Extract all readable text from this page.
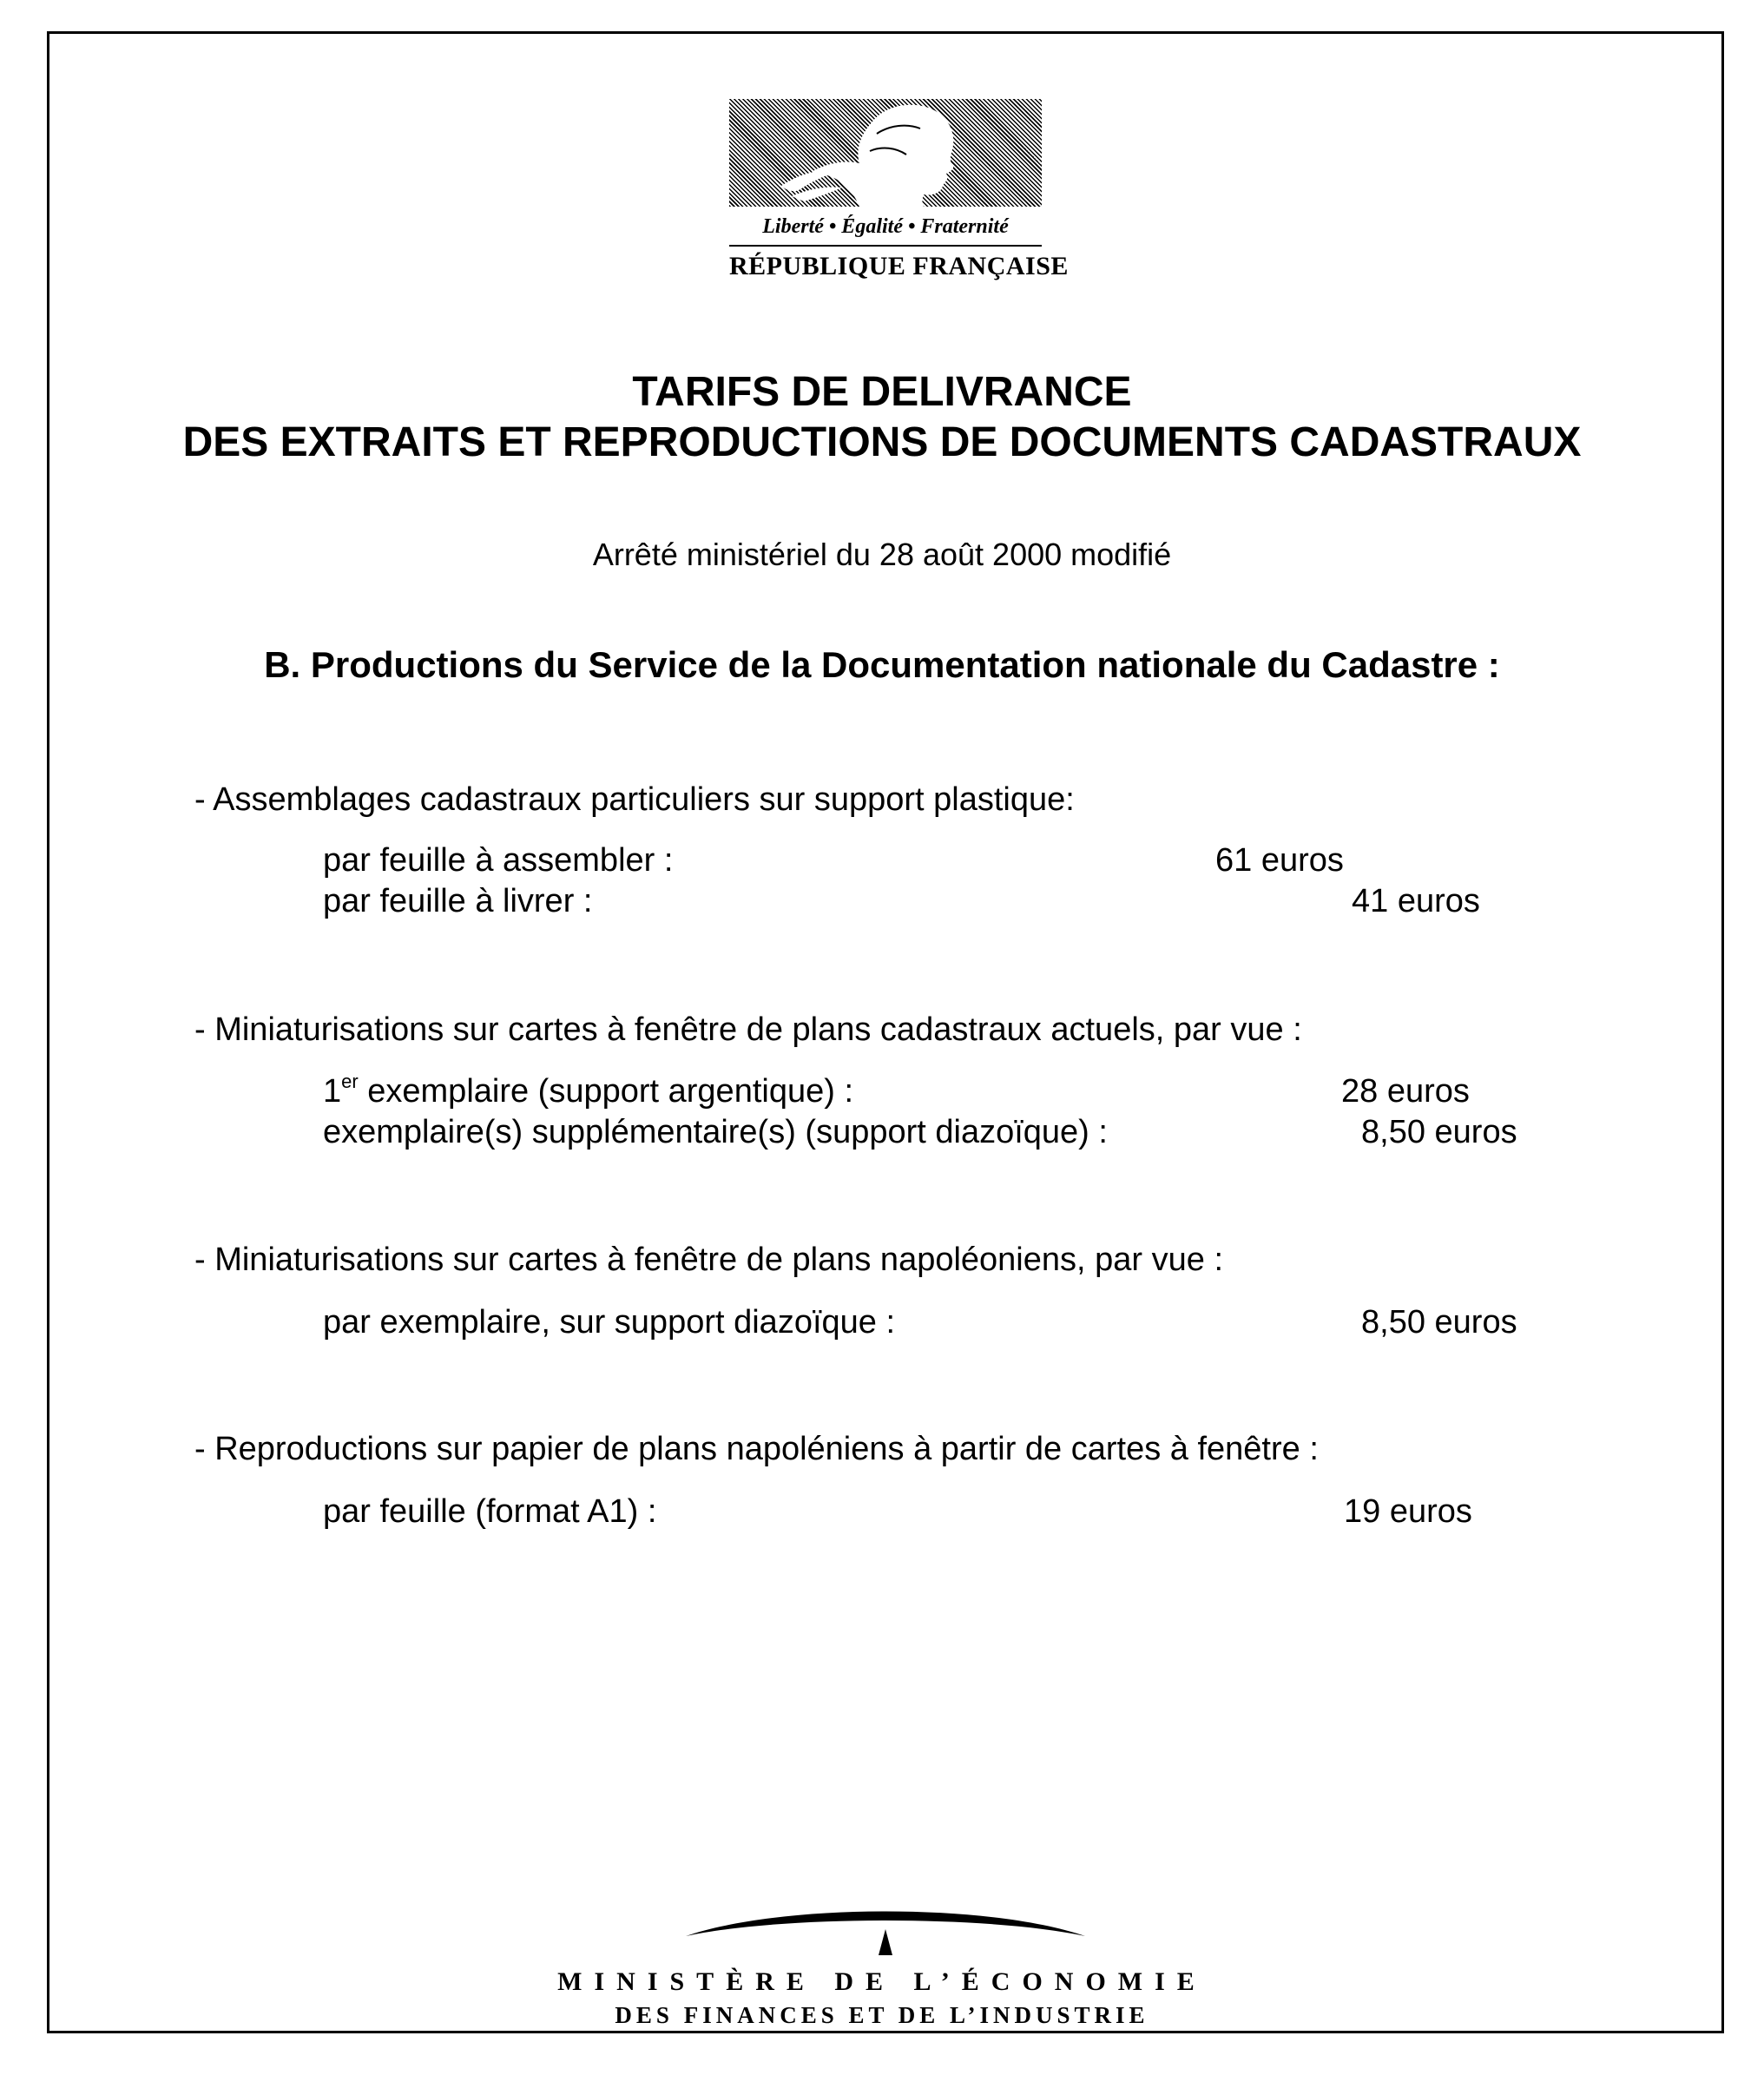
Liberté • Égalité • Fraternité
RÉPUBLIQUE FRANÇAISE
TARIFS DE DELIVRANCE
DES EXTRAITS ET REPRODUCTIONS DE DOCUMENTS CADASTRAUX
Arrêté ministériel du 28 août 2000 modifié
B. Productions du Service de la Documentation nationale du Cadastre :
- Assemblages cadastraux particuliers sur support plastique:
par feuille à assembler :	61 euros
par feuille à livrer :	41 euros
- Miniaturisations sur cartes à fenêtre de plans cadastraux actuels, par vue :
1er exemplaire (support argentique) :	28 euros
exemplaire(s) supplémentaire(s) (support diazoïque) :	8,50 euros
- Miniaturisations sur cartes à fenêtre de plans napoléoniens, par vue :
par exemplaire, sur support diazoïque :	8,50 euros
- Reproductions sur papier de plans napoléniens à partir de cartes à fenêtre :
par feuille (format A1) :	19 euros
MINISTÈRE DE L’ÉCONOMIE
DES FINANCES ET DE L’INDUSTRIE
